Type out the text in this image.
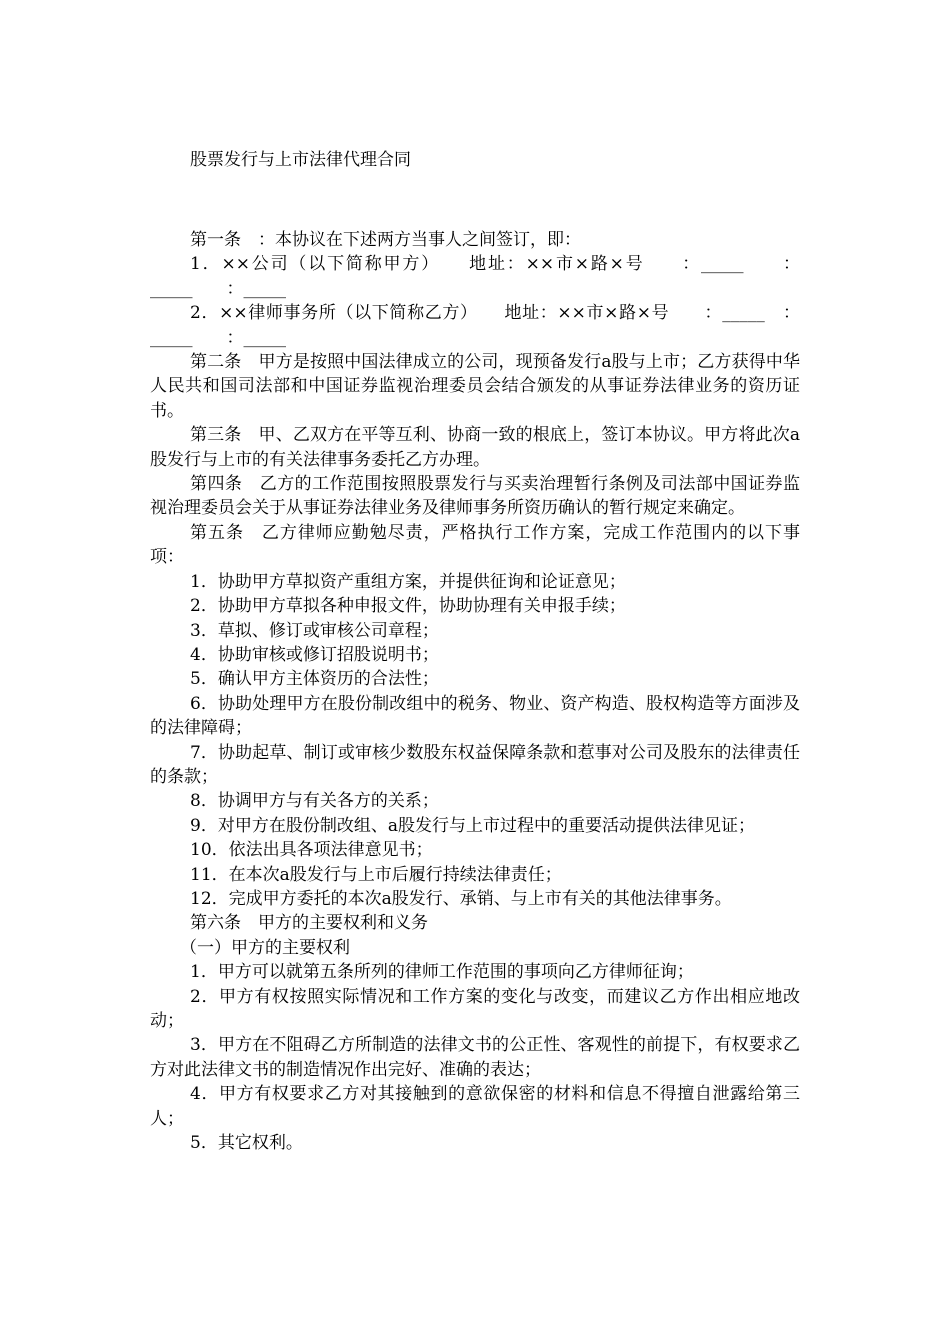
股票发行与上市法律代理合同

第一条　：本协议在下述两方当事人之间签订，即：

1．××公司（以下简称甲方）　　地址：××市×路×号　　：_____　　：_____　　：_____

2．××律师事务所（以下简称乙方）　　地址：××市×路×号　　：_____　：_____　　：_____

第二条　甲方是按照中国法律成立的公司，现预备发行a股与上市；乙方获得中华人民共和国司法部和中国证券监视治理委员会结合颁发的从事证券法律业务的资历证书。

第三条　甲、乙双方在平等互利、协商一致的根底上，签订本协议。甲方将此次a股发行与上市的有关法律事务委托乙方办理。

第四条　乙方的工作范围按照股票发行与买卖治理暂行条例及司法部中国证券监视治理委员会关于从事证券法律业务及律师事务所资历确认的暂行规定来确定。

第五条　乙方律师应勤勉尽责，严格执行工作方案，完成工作范围内的以下事项：

1．协助甲方草拟资产重组方案，并提供征询和论证意见；

2．协助甲方草拟各种申报文件，协助协理有关申报手续；

3．草拟、修订或审核公司章程；

4．协助审核或修订招股说明书；

5．确认甲方主体资历的合法性；

6．协助处理甲方在股份制改组中的税务、物业、资产构造、股权构造等方面涉及的法律障碍；

7．协助起草、制订或审核少数股东权益保障条款和惹事对公司及股东的法律责任的条款；

8．协调甲方与有关各方的关系；

9．对甲方在股份制改组、a股发行与上市过程中的重要活动提供法律见证；

10．依法出具各项法律意见书；

11．在本次a股发行与上市后履行持续法律责任；

12．完成甲方委托的本次a股发行、承销、与上市有关的其他法律事务。

第六条　甲方的主要权利和义务

（一）甲方的主要权利

1．甲方可以就第五条所列的律师工作范围的事项向乙方律师征询；

2．甲方有权按照实际情况和工作方案的变化与改变，而建议乙方作出相应地改动；

3．甲方在不阻碍乙方所制造的法律文书的公正性、客观性的前提下，有权要求乙方对此法律文书的制造情况作出完好、准确的表达；

4．甲方有权要求乙方对其接触到的意欲保密的材料和信息不得擅自泄露给第三人；

5．其它权利。
